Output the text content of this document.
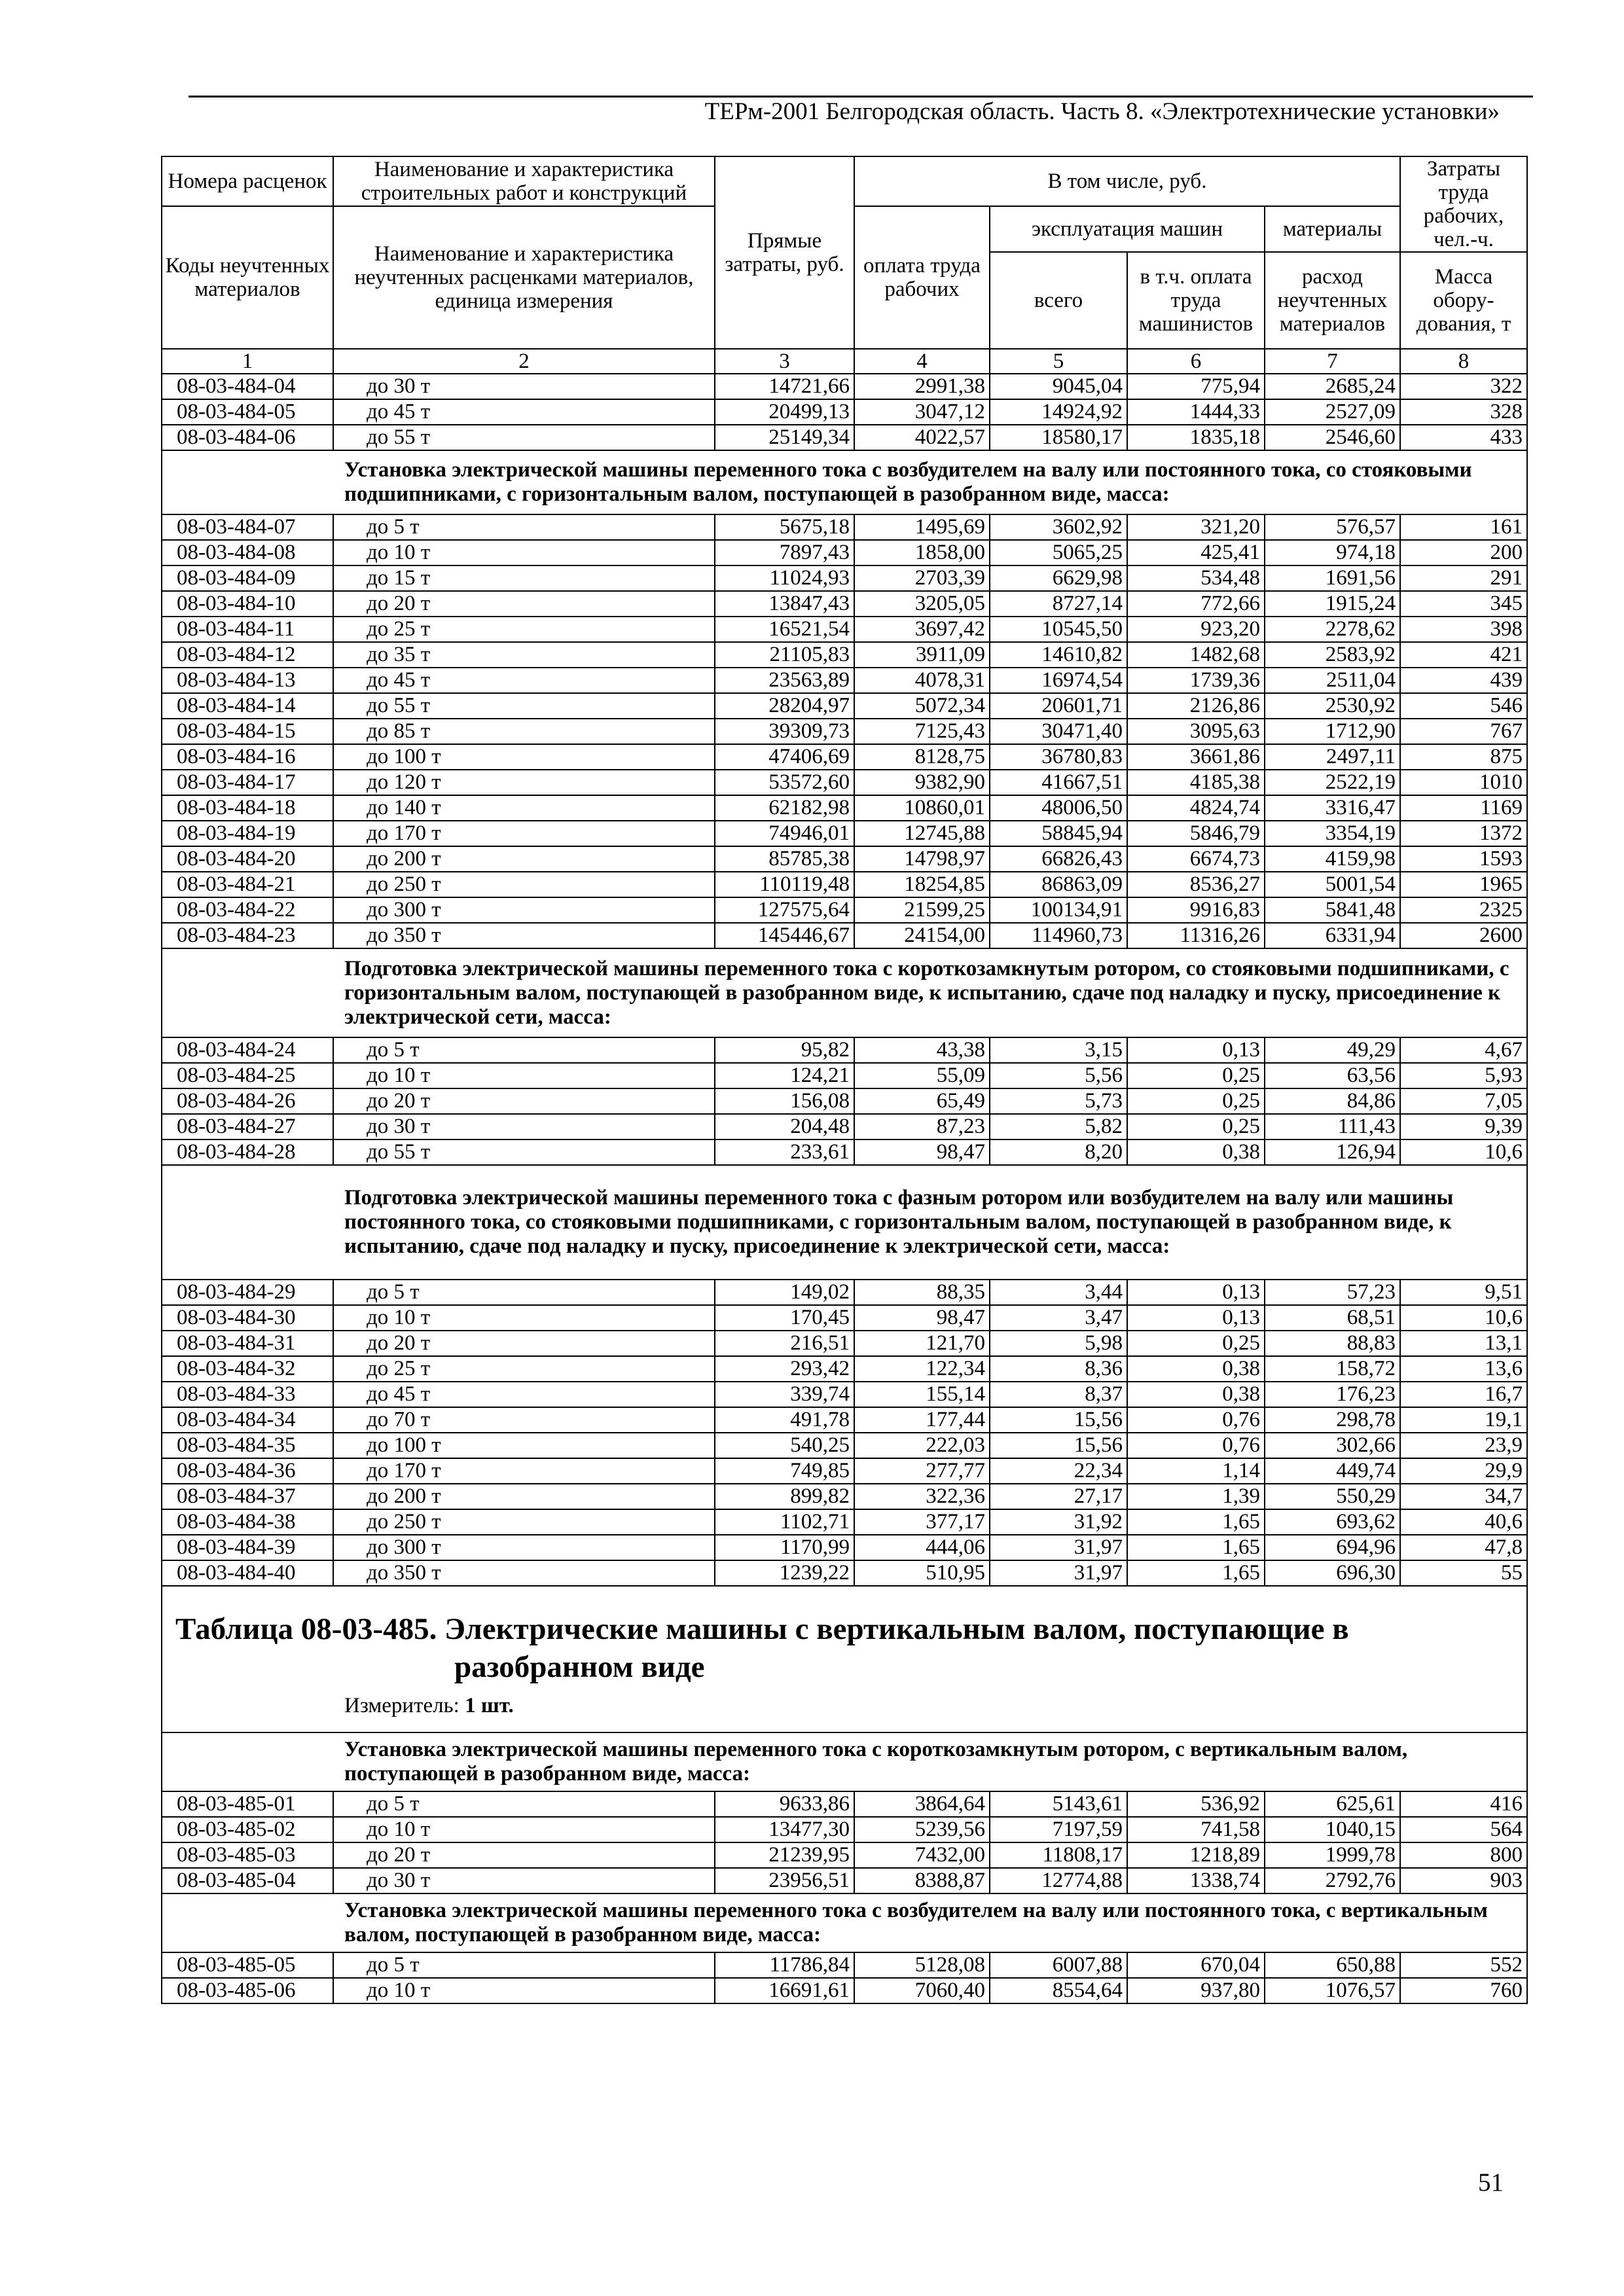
ТЕРм-2001 Белгородская область. Часть 8. «Электротехнические установки»
Номера расценок	Наименование и характеристика строительных работ и конструкций	Прямые затраты, руб.	В том числе, руб.				Затраты труда рабочих, чел.-ч.
Коды неучтенных материалов	Наименование и характеристика неучтенных расценками материалов, единица измерения		оплата труда рабочих	эксплуатация машин		материалы	
				всего	в т.ч. оплата труда машинистов	расход неучтенных материалов	Масса обору-дования, т
1	2	3	4	5	6	7	8
08-03-484-04	до 30 т	14721,66	2991,38	9045,04	775,94	2685,24	322
08-03-484-05	до 45 т	20499,13	3047,12	14924,92	1444,33	2527,09	328
08-03-484-06	до 55 т	25149,34	4022,57	18580,17	1835,18	2546,60	433
Установка электрической машины переменного тока с возбудителем на валу или постоянного тока, со стояковыми подшипниками, с горизонтальным валом, поступающей в разобранном виде, масса:							
08-03-484-07	до 5 т	5675,18	1495,69	3602,92	321,20	576,57	161
08-03-484-08	до 10 т	7897,43	1858,00	5065,25	425,41	974,18	200
08-03-484-09	до 15 т	11024,93	2703,39	6629,98	534,48	1691,56	291
08-03-484-10	до 20 т	13847,43	3205,05	8727,14	772,66	1915,24	345
08-03-484-11	до 25 т	16521,54	3697,42	10545,50	923,20	2278,62	398
08-03-484-12	до 35 т	21105,83	3911,09	14610,82	1482,68	2583,92	421
08-03-484-13	до 45 т	23563,89	4078,31	16974,54	1739,36	2511,04	439
08-03-484-14	до 55 т	28204,97	5072,34	20601,71	2126,86	2530,92	546
08-03-484-15	до 85 т	39309,73	7125,43	30471,40	3095,63	1712,90	767
08-03-484-16	до 100 т	47406,69	8128,75	36780,83	3661,86	2497,11	875
08-03-484-17	до 120 т	53572,60	9382,90	41667,51	4185,38	2522,19	1010
08-03-484-18	до 140 т	62182,98	10860,01	48006,50	4824,74	3316,47	1169
08-03-484-19	до 170 т	74946,01	12745,88	58845,94	5846,79	3354,19	1372
08-03-484-20	до 200 т	85785,38	14798,97	66826,43	6674,73	4159,98	1593
08-03-484-21	до 250 т	110119,48	18254,85	86863,09	8536,27	5001,54	1965
08-03-484-22	до 300 т	127575,64	21599,25	100134,91	9916,83	5841,48	2325
08-03-484-23	до 350 т	145446,67	24154,00	114960,73	11316,26	6331,94	2600
Подготовка электрической машины переменного тока с короткозамкнутым ротором, со стояковыми подшипниками, с горизонтальным валом, поступающей в разобранном виде, к испытанию, сдаче под наладку и пуску, присоединение к электрической сети, масса:							
08-03-484-24	до 5 т	95,82	43,38	3,15	0,13	49,29	4,67
08-03-484-25	до 10 т	124,21	55,09	5,56	0,25	63,56	5,93
08-03-484-26	до 20 т	156,08	65,49	5,73	0,25	84,86	7,05
08-03-484-27	до 30 т	204,48	87,23	5,82	0,25	111,43	9,39
08-03-484-28	до 55 т	233,61	98,47	8,20	0,38	126,94	10,6
Подготовка электрической машины переменного тока с фазным ротором или возбудителем на валу или машины постоянного тока, со стояковыми подшипниками, с горизонтальным валом, поступающей в разобранном виде, к испытанию, сдаче под наладку и пуску, присоединение к электрической сети, масса:							
08-03-484-29	до 5 т	149,02	88,35	3,44	0,13	57,23	9,51
08-03-484-30	до 10 т	170,45	98,47	3,47	0,13	68,51	10,6
08-03-484-31	до 20 т	216,51	121,70	5,98	0,25	88,83	13,1
08-03-484-32	до 25 т	293,42	122,34	8,36	0,38	158,72	13,6
08-03-484-33	до 45 т	339,74	155,14	8,37	0,38	176,23	16,7
08-03-484-34	до 70 т	491,78	177,44	15,56	0,76	298,78	19,1
08-03-484-35	до 100 т	540,25	222,03	15,56	0,76	302,66	23,9
08-03-484-36	до 170 т	749,85	277,77	22,34	1,14	449,74	29,9
08-03-484-37	до 200 т	899,82	322,36	27,17	1,39	550,29	34,7
08-03-484-38	до 250 т	1102,71	377,17	31,92	1,65	693,62	40,6
08-03-484-39	до 300 т	1170,99	444,06	31,97	1,65	694,96	47,8
08-03-484-40	до 350 т	1239,22	510,95	31,97	1,65	696,30	55

Таблица 08-03-485. Электрические машины с вертикальным валом, поступающие в разобранном виде
Измеритель: 1 шт.							

Установка электрической машины переменного тока с короткозамкнутым ротором, с вертикальным валом, поступающей в разобранном виде, масса:							
08-03-485-01	до 5 т	9633,86	3864,64	5143,61	536,92	625,61	416
08-03-485-02	до 10 т	13477,30	5239,56	7197,59	741,58	1040,15	564
08-03-485-03	до 20 т	21239,95	7432,00	11808,17	1218,89	1999,78	800
08-03-485-04	до 30 т	23956,51	8388,87	12774,88	1338,74	2792,76	903
Установка электрической машины переменного тока с возбудителем на валу или постоянного тока, с вертикальным валом, поступающей в разобранном виде, масса:							
08-03-485-05	до 5 т	11786,84	5128,08	6007,88	670,04	650,88	552
08-03-485-06	до 10 т	16691,61	7060,40	8554,64	937,80	1076,57	760
51
